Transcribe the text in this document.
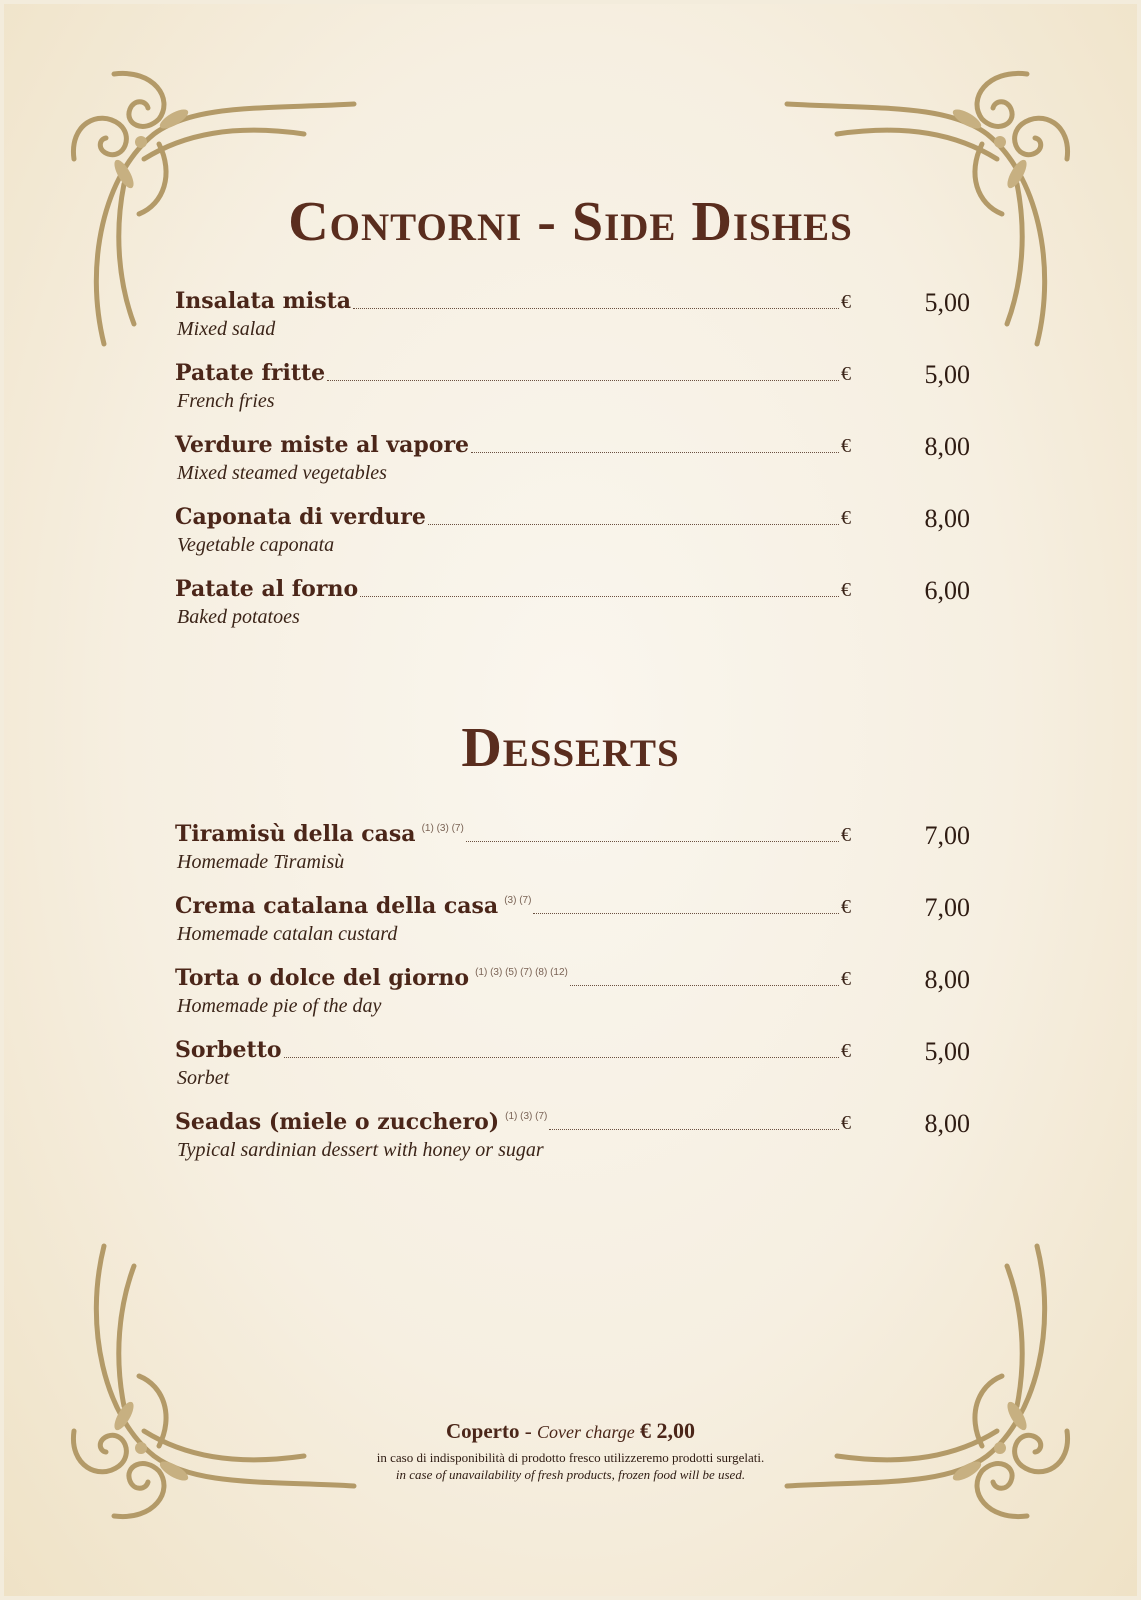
Contorni - Side Dishes
Insalata mista	€	5,00
Mixed salad
Patate fritte	€	5,00
French fries
Verdure miste al vapore	€	8,00
Mixed steamed vegetables
Caponata di verdure	€	8,00
Vegetable caponata
Patate al forno	€	6,00
Baked potatoes
Desserts
Tiramisù della casa (1) (3) (7)	€	7,00
Homemade Tiramisù
Crema catalana della casa (3) (7)	€	7,00
Homemade catalan custard
Torta o dolce del giorno (1) (3) (5) (7) (8) (12)	€	8,00
Homemade pie of the day
Sorbetto	€	5,00
Sorbet
Seadas (miele o zucchero) (1) (3) (7)	€	8,00
Typical sardinian dessert with honey or sugar
Coperto - Cover charge € 2,00
in caso di indisponibilità di prodotto fresco utilizzeremo prodotti surgelati.
in case of unavailability of fresh products, frozen food will be used.
